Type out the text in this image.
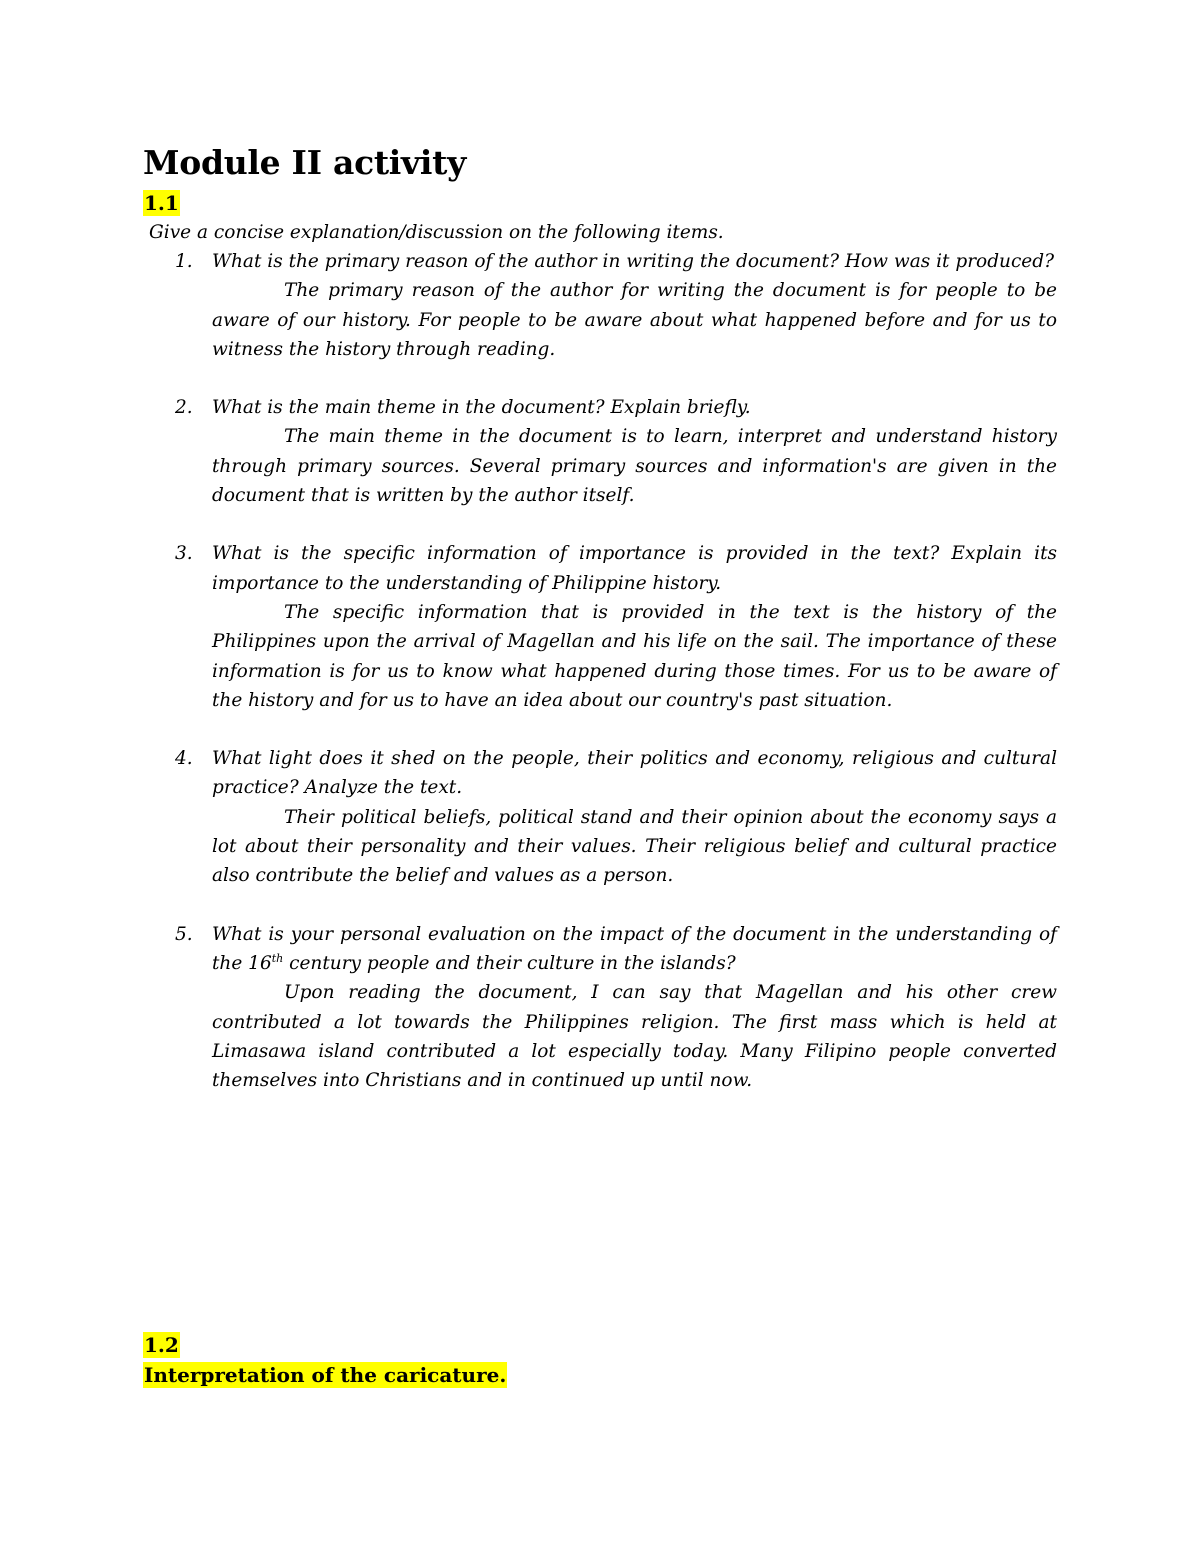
Module II activity
1.1
Give a concise explanation/discussion on the following items.
1. What is the primary reason of the author in writing the document? How was it produced?
The primary reason of the author for writing the document is for people to be aware of our history. For people to be aware about what happened before and for us to witness the history through reading.
2. What is the main theme in the document? Explain briefly.
The main theme in the document is to learn, interpret and understand history through primary sources. Several primary sources and information's are given in the document that is written by the author itself.
3. What is the specific information of importance is provided in the text? Explain its importance to the understanding of Philippine history.
The specific information that is provided in the text is the history of the Philippines upon the arrival of Magellan and his life on the sail. The importance of these information is for us to know what happened during those times. For us to be aware of the history and for us to have an idea about our country's past situation.
4. What light does it shed on the people, their politics and economy, religious and cultural practice? Analyze the text.
Their political beliefs, political stand and their opinion about the economy says a lot about their personality and their values. Their religious belief and cultural practice also contribute the belief and values as a person.
5. What is your personal evaluation on the impact of the document in the understanding of the 16th century people and their culture in the islands?
Upon reading the document, I can say that Magellan and his other crew contributed a lot towards the Philippines religion. The first mass which is held at Limasawa island contributed a lot especially today. Many Filipino people converted themselves into Christians and in continued up until now.
1.2
Interpretation of the caricature.
